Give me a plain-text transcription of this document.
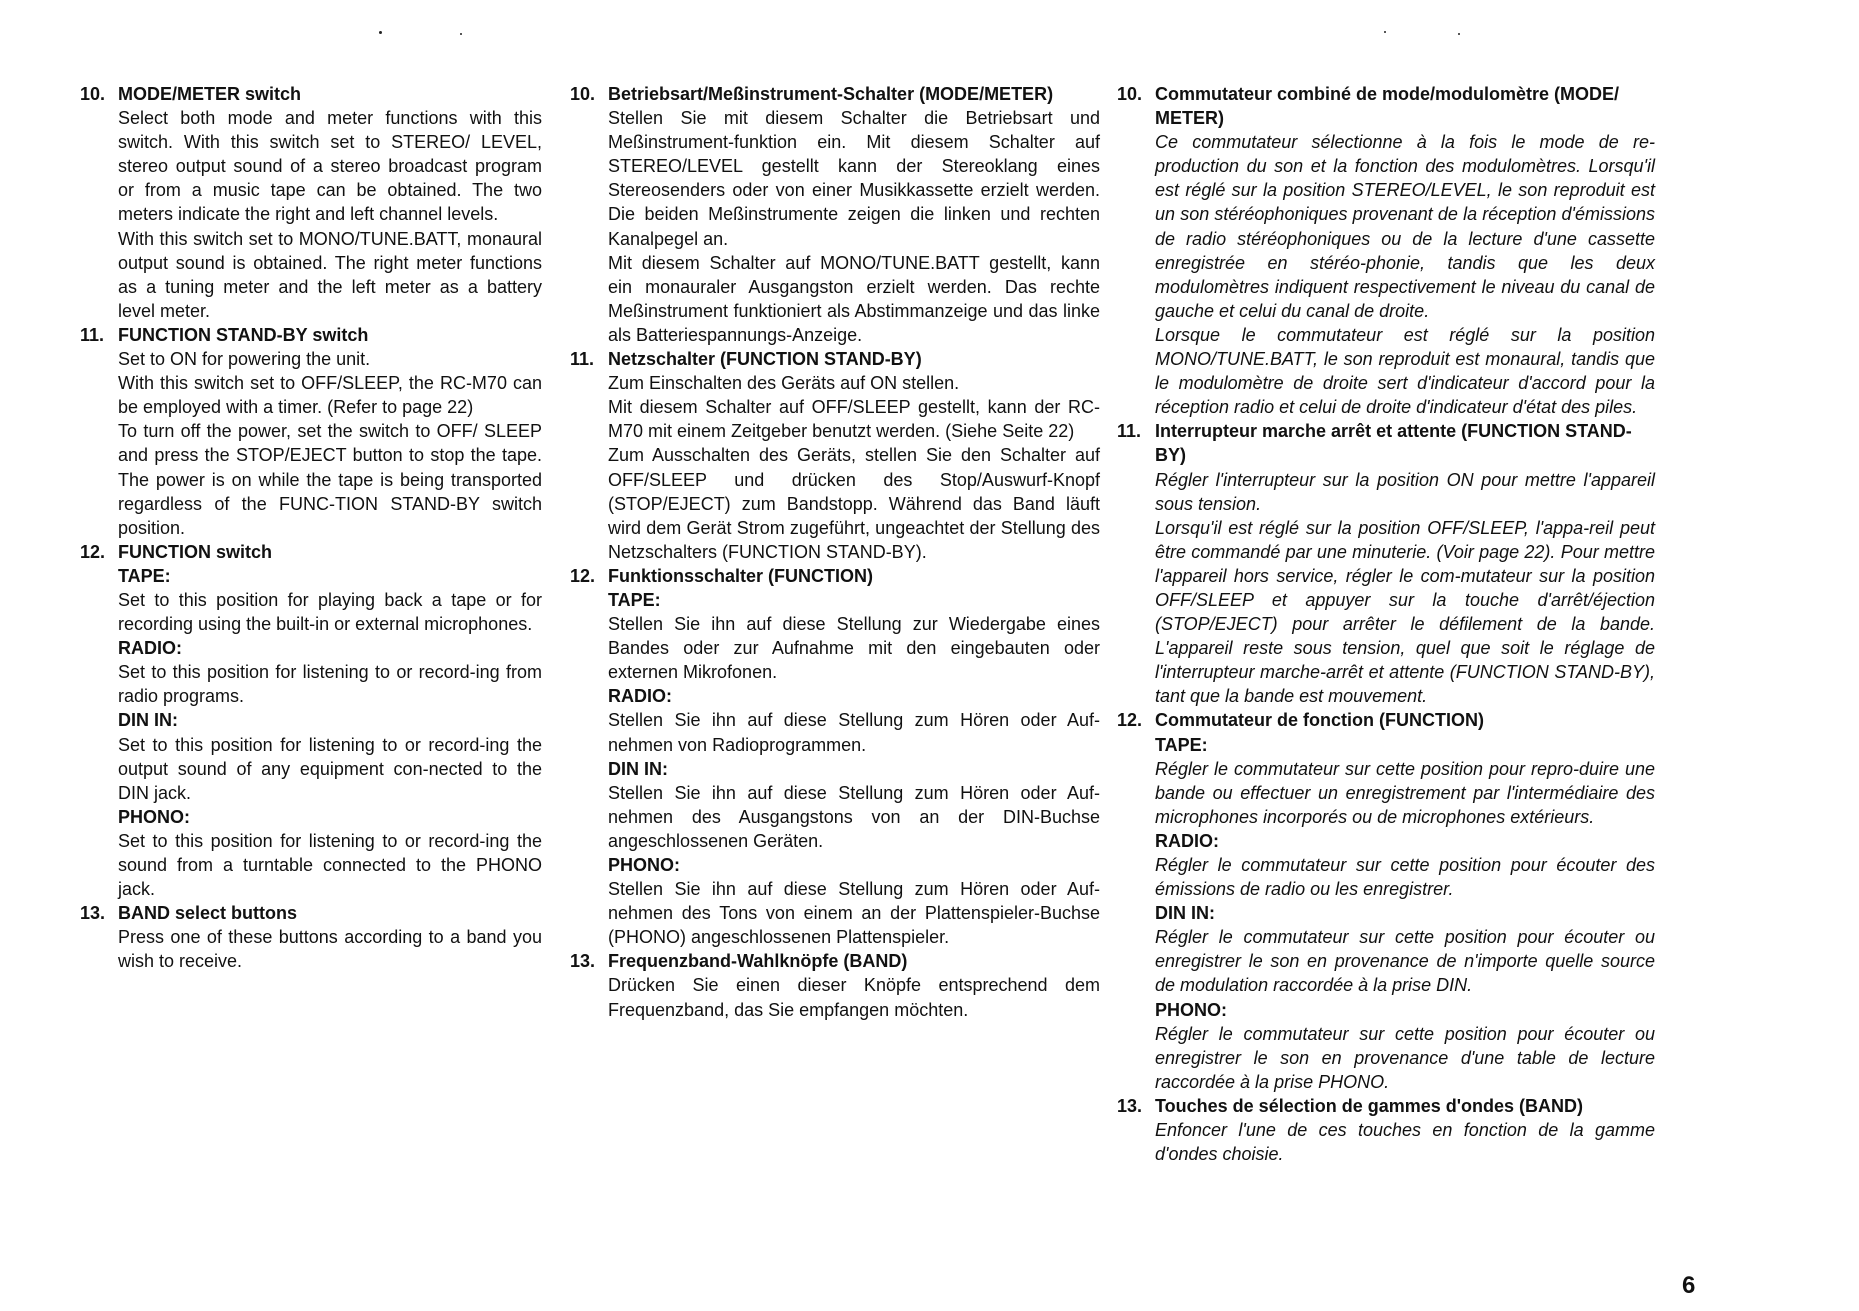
10. MODE/METER switch

Select both mode and meter functions with this switch. With this switch set to STEREO/ LEVEL, stereo output sound of a stereo broadcast program or from a music tape can be obtained. The two meters indicate the right and left channel levels.

With this switch set to MONO/TUNE.BATT, monaural output sound is obtained. The right meter functions as a tuning meter and the left meter as a battery level meter.

11. FUNCTION STAND-BY switch

Set to ON for powering the unit.

With this switch set to OFF/SLEEP, the RC-M70 can be employed with a timer. (Refer to page 22)

To turn off the power, set the switch to OFF/ SLEEP and press the STOP/EJECT button to stop the tape. The power is on while the tape is being transported regardless of the FUNC-TION STAND-BY switch position.

12. FUNCTION switch

TAPE:

Set to this position for playing back a tape or for recording using the built-in or external microphones.

RADIO:

Set to this position for listening to or record-ing from radio programs.

DIN IN:

Set to this position for listening to or record-ing the output sound of any equipment con-nected to the DIN jack.

PHONO:

Set to this position for listening to or record-ing the sound from a turntable connected to the PHONO jack.

13. BAND select buttons

Press one of these buttons according to a band you wish to receive.

10. Betriebsart/Meßinstrument-Schalter (MODE/METER)

Stellen Sie mit diesem Schalter die Betriebsart und Meßinstrument-funktion ein. Mit diesem Schalter auf STEREO/LEVEL gestellt kann der Stereoklang eines Stereosenders oder von einer Musikkassette erzielt werden. Die beiden Meßinstrumente zeigen die linken und rechten Kanalpegel an.

Mit diesem Schalter auf MONO/TUNE.BATT gestellt, kann ein monauraler Ausgangston erzielt werden. Das rechte Meßinstrument funktioniert als Abstimmanzeige und das linke als Batteriespannungs-Anzeige.

11. Netzschalter (FUNCTION STAND-BY)

Zum Einschalten des Geräts auf ON stellen.

Mit diesem Schalter auf OFF/SLEEP gestellt, kann der RC-M70 mit einem Zeitgeber benutzt werden. (Siehe Seite 22)

Zum Ausschalten des Geräts, stellen Sie den Schalter auf OFF/SLEEP und drücken des Stop/Auswurf-Knopf (STOP/EJECT) zum Bandstopp. Während das Band läuft wird dem Gerät Strom zugeführt, ungeachtet der Stellung des Netzschalters (FUNCTION STAND-BY).

12. Funktionsschalter (FUNCTION)

TAPE:

Stellen Sie ihn auf diese Stellung zur Wiedergabe eines Bandes oder zur Aufnahme mit den eingebauten oder externen Mikrofonen.

RADIO:

Stellen Sie ihn auf diese Stellung zum Hören oder Auf-nehmen von Radioprogrammen.

DIN IN:

Stellen Sie ihn auf diese Stellung zum Hören oder Auf-nehmen des Ausgangstons von an der DIN-Buchse angeschlossenen Geräten.

PHONO:

Stellen Sie ihn auf diese Stellung zum Hören oder Auf-nehmen des Tons von einem an der Plattenspieler-Buchse (PHONO) angeschlossenen Plattenspieler.

13. Frequenzband-Wahlknöpfe (BAND)

Drücken Sie einen dieser Knöpfe entsprechend dem Frequenzband, das Sie empfangen möchten.

10. Commutateur combiné de mode/modulomètre (MODE/ METER)

Ce commutateur sélectionne à la fois le mode de re-production du son et la fonction des modulomètres. Lorsqu'il est réglé sur la position STEREO/LEVEL, le son reproduit est un son stéréophoniques provenant de la réception d'émissions de radio stéréophoniques ou de la lecture d'une cassette enregistrée en stéréo-phonie, tandis que les deux modulomètres indiquent respectivement le niveau du canal de gauche et celui du canal de droite.

Lorsque le commutateur est réglé sur la position MONO/TUNE.BATT, le son reproduit est monaural, tandis que le modulomètre de droite sert d'indicateur d'accord pour la réception radio et celui de droite d'indicateur d'état des piles.

11. Interrupteur marche arrêt et attente (FUNCTION STAND-BY)

Régler l'interrupteur sur la position ON pour mettre l'appareil sous tension.

Lorsqu'il est réglé sur la position OFF/SLEEP, l'appa-reil peut être commandé par une minuterie. (Voir page 22). Pour mettre l'appareil hors service, régler le com-mutateur sur la position OFF/SLEEP et appuyer sur la touche d'arrêt/éjection (STOP/EJECT) pour arrêter le défilement de la bande. L'appareil reste sous tension, quel que soit le réglage de l'interrupteur marche-arrêt et attente (FUNCTION STAND-BY), tant que la bande est mouvement.

12. Commutateur de fonction (FUNCTION)

TAPE:

Régler le commutateur sur cette position pour repro-duire une bande ou effectuer un enregistrement par l'intermédiaire des microphones incorporés ou de microphones extérieurs.

RADIO:

Régler le commutateur sur cette position pour écouter des émissions de radio ou les enregistrer.

DIN IN:

Régler le commutateur sur cette position pour écouter ou enregistrer le son en provenance de n'importe quelle source de modulation raccordée à la prise DIN.

PHONO:

Régler le commutateur sur cette position pour écouter ou enregistrer le son en provenance d'une table de lecture raccordée à la prise PHONO.

13. Touches de sélection de gammes d'ondes (BAND)

Enfoncer l'une de ces touches en fonction de la gamme d'ondes choisie.

6
